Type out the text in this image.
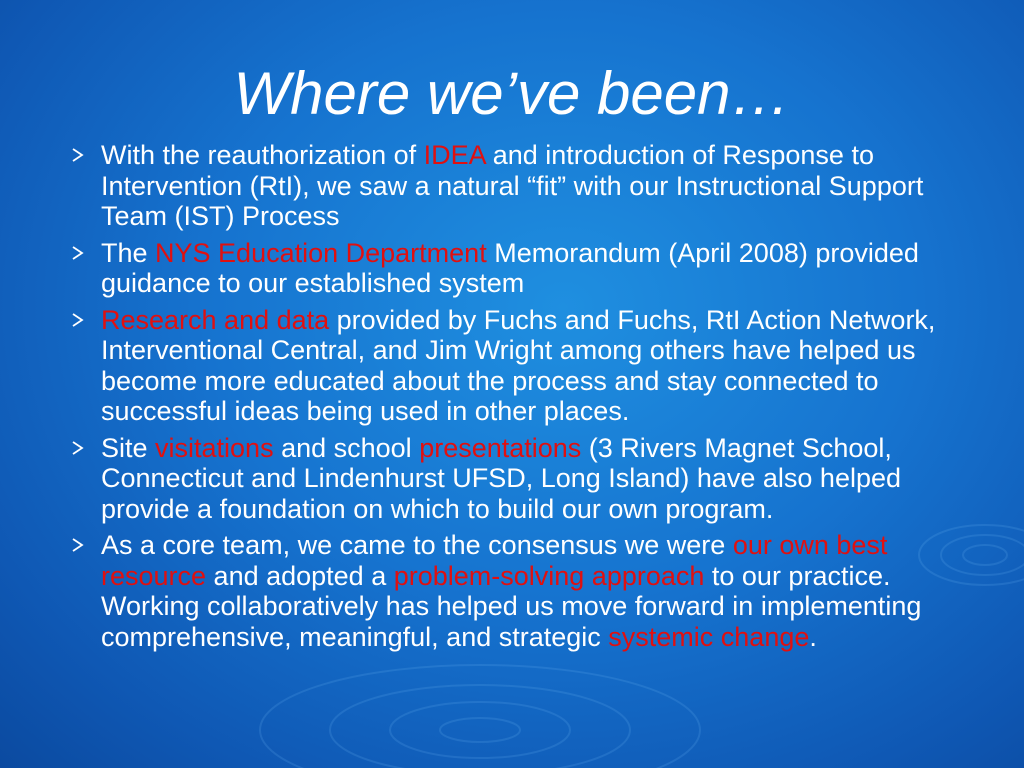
Where we’ve been…
With the reauthorization of IDEA and introduction of Response to Intervention (RtI), we saw a natural “fit” with our Instructional Support Team (IST) Process
The NYS Education Department Memorandum (April 2008) provided guidance to our established system
Research and data provided by Fuchs and Fuchs, RtI Action Network, Interventional Central, and Jim Wright among others have helped us become more educated about the process and stay connected to successful ideas being used in other places.
Site visitations and school presentations (3 Rivers Magnet School, Connecticut and Lindenhurst UFSD, Long Island) have also helped provide a foundation on which to build our own program.
As a core team, we came to the consensus we were our own best resource and adopted a problem-solving approach to our practice. Working collaboratively has helped us move forward in implementing comprehensive, meaningful, and strategic systemic change.
